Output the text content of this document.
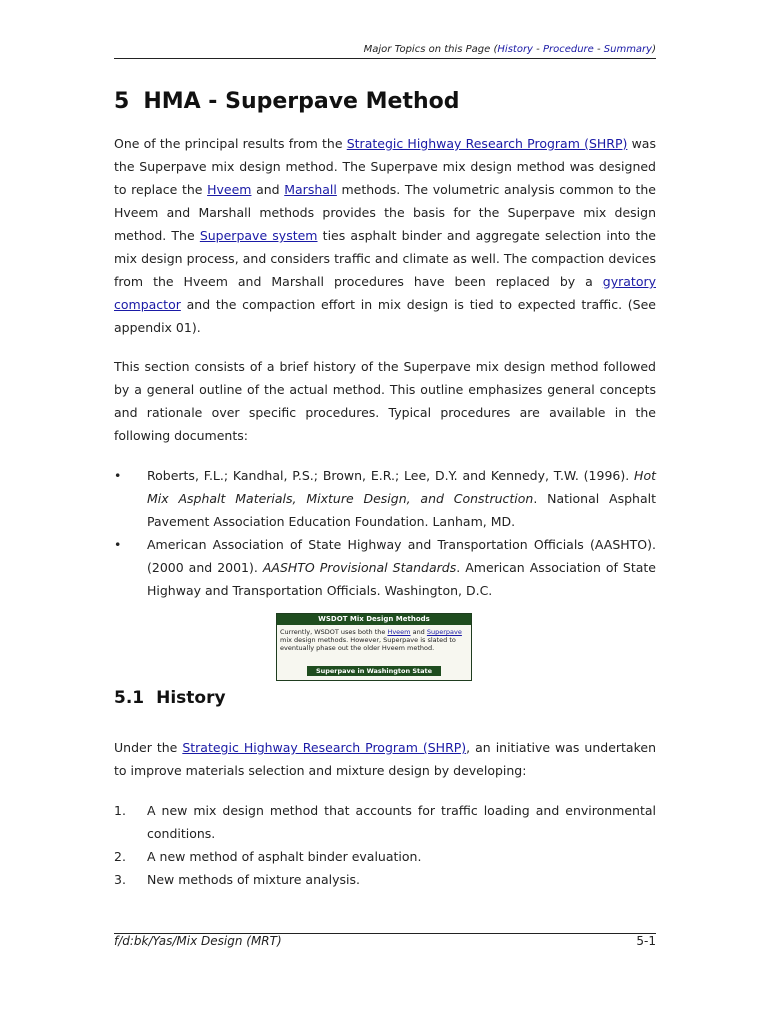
Major Topics on this Page (History - Procedure - Summary)
5 HMA - Superpave Method

One of the principal results from the Strategic Highway Research Program (SHRP) was the Superpave mix design method. The Superpave mix design method was designed to replace the Hveem and Marshall methods. The volumetric analysis common to the Hveem and Marshall methods provides the basis for the Superpave mix design method. The Superpave system ties asphalt binder and aggregate selection into the mix design process, and considers traffic and climate as well. The compaction devices from the Hveem and Marshall procedures have been replaced by a gyratory compactor and the compaction effort in mix design is tied to expected traffic. (See appendix 01).

This section consists of a brief history of the Superpave mix design method followed by a general outline of the actual method. This outline emphasizes general concepts and rationale over specific procedures. Typical procedures are available in the following documents:

• Roberts, F.L.; Kandhal, P.S.; Brown, E.R.; Lee, D.Y. and Kennedy, T.W. (1996). Hot Mix Asphalt Materials, Mixture Design, and Construction. National Asphalt Pavement Association Education Foundation. Lanham, MD.
• American Association of State Highway and Transportation Officials (AASHTO). (2000 and 2001). AASHTO Provisional Standards. American Association of State Highway and Transportation Officials. Washington, D.C.
WSDOT Mix Design Methods
Currently, WSDOT uses both the Hveem and Superpave mix design methods. However, Superpave is slated to eventually phase out the older Hveem method.
Superpave in Washington State
5.1 History

Under the Strategic Highway Research Program (SHRP), an initiative was undertaken to improve materials selection and mixture design by developing:

1. A new mix design method that accounts for traffic loading and environmental conditions.
2. A new method of asphalt binder evaluation.
3. New methods of mixture analysis.
f/d:bk/Yas/Mix Design (MRT)	5-1
